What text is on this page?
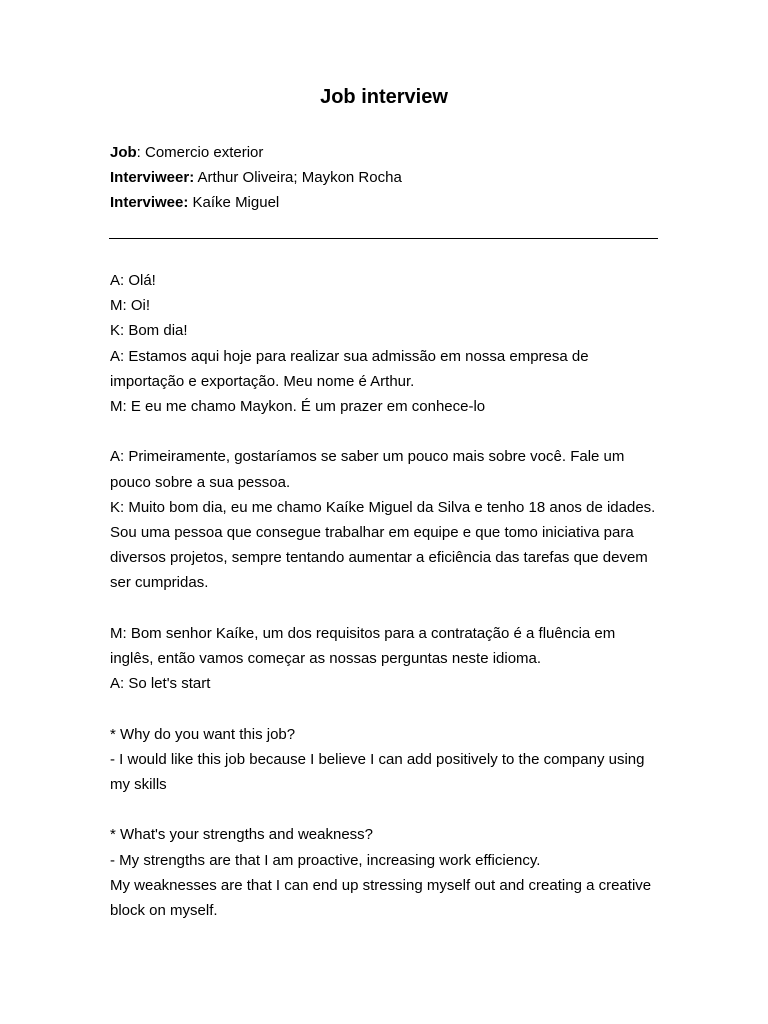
Job interview
Job: Comercio exterior
Interviweer: Arthur Oliveira; Maykon Rocha
Interviwee: Kaíke Miguel

A: Olá!

M: Oi!

K: Bom dia!

A: Estamos aqui hoje para realizar sua admissão em nossa empresa de importação e exportação. Meu nome é Arthur.

M: E eu me chamo Maykon. É um prazer em conhece-lo

A: Primeiramente, gostaríamos se saber um pouco mais sobre você. Fale um pouco sobre a sua pessoa.

K: Muito bom dia, eu me chamo Kaíke Miguel da Silva e tenho 18 anos de idades. Sou uma pessoa que consegue trabalhar em equipe e que tomo iniciativa para diversos projetos, sempre tentando aumentar a eficiência das tarefas que devem ser cumpridas.

M: Bom senhor Kaíke, um dos requisitos para a contratação é a fluência em inglês, então vamos começar as nossas perguntas neste idioma.

A: So let's start

* Why do you want this job?

- I would like this job because I believe I can add positively to the company using my skills

* What's your strengths and weakness?

- My strengths are that I am proactive, increasing work efficiency.

My weaknesses are that I can end up stressing myself out and creating a creative block on myself.
